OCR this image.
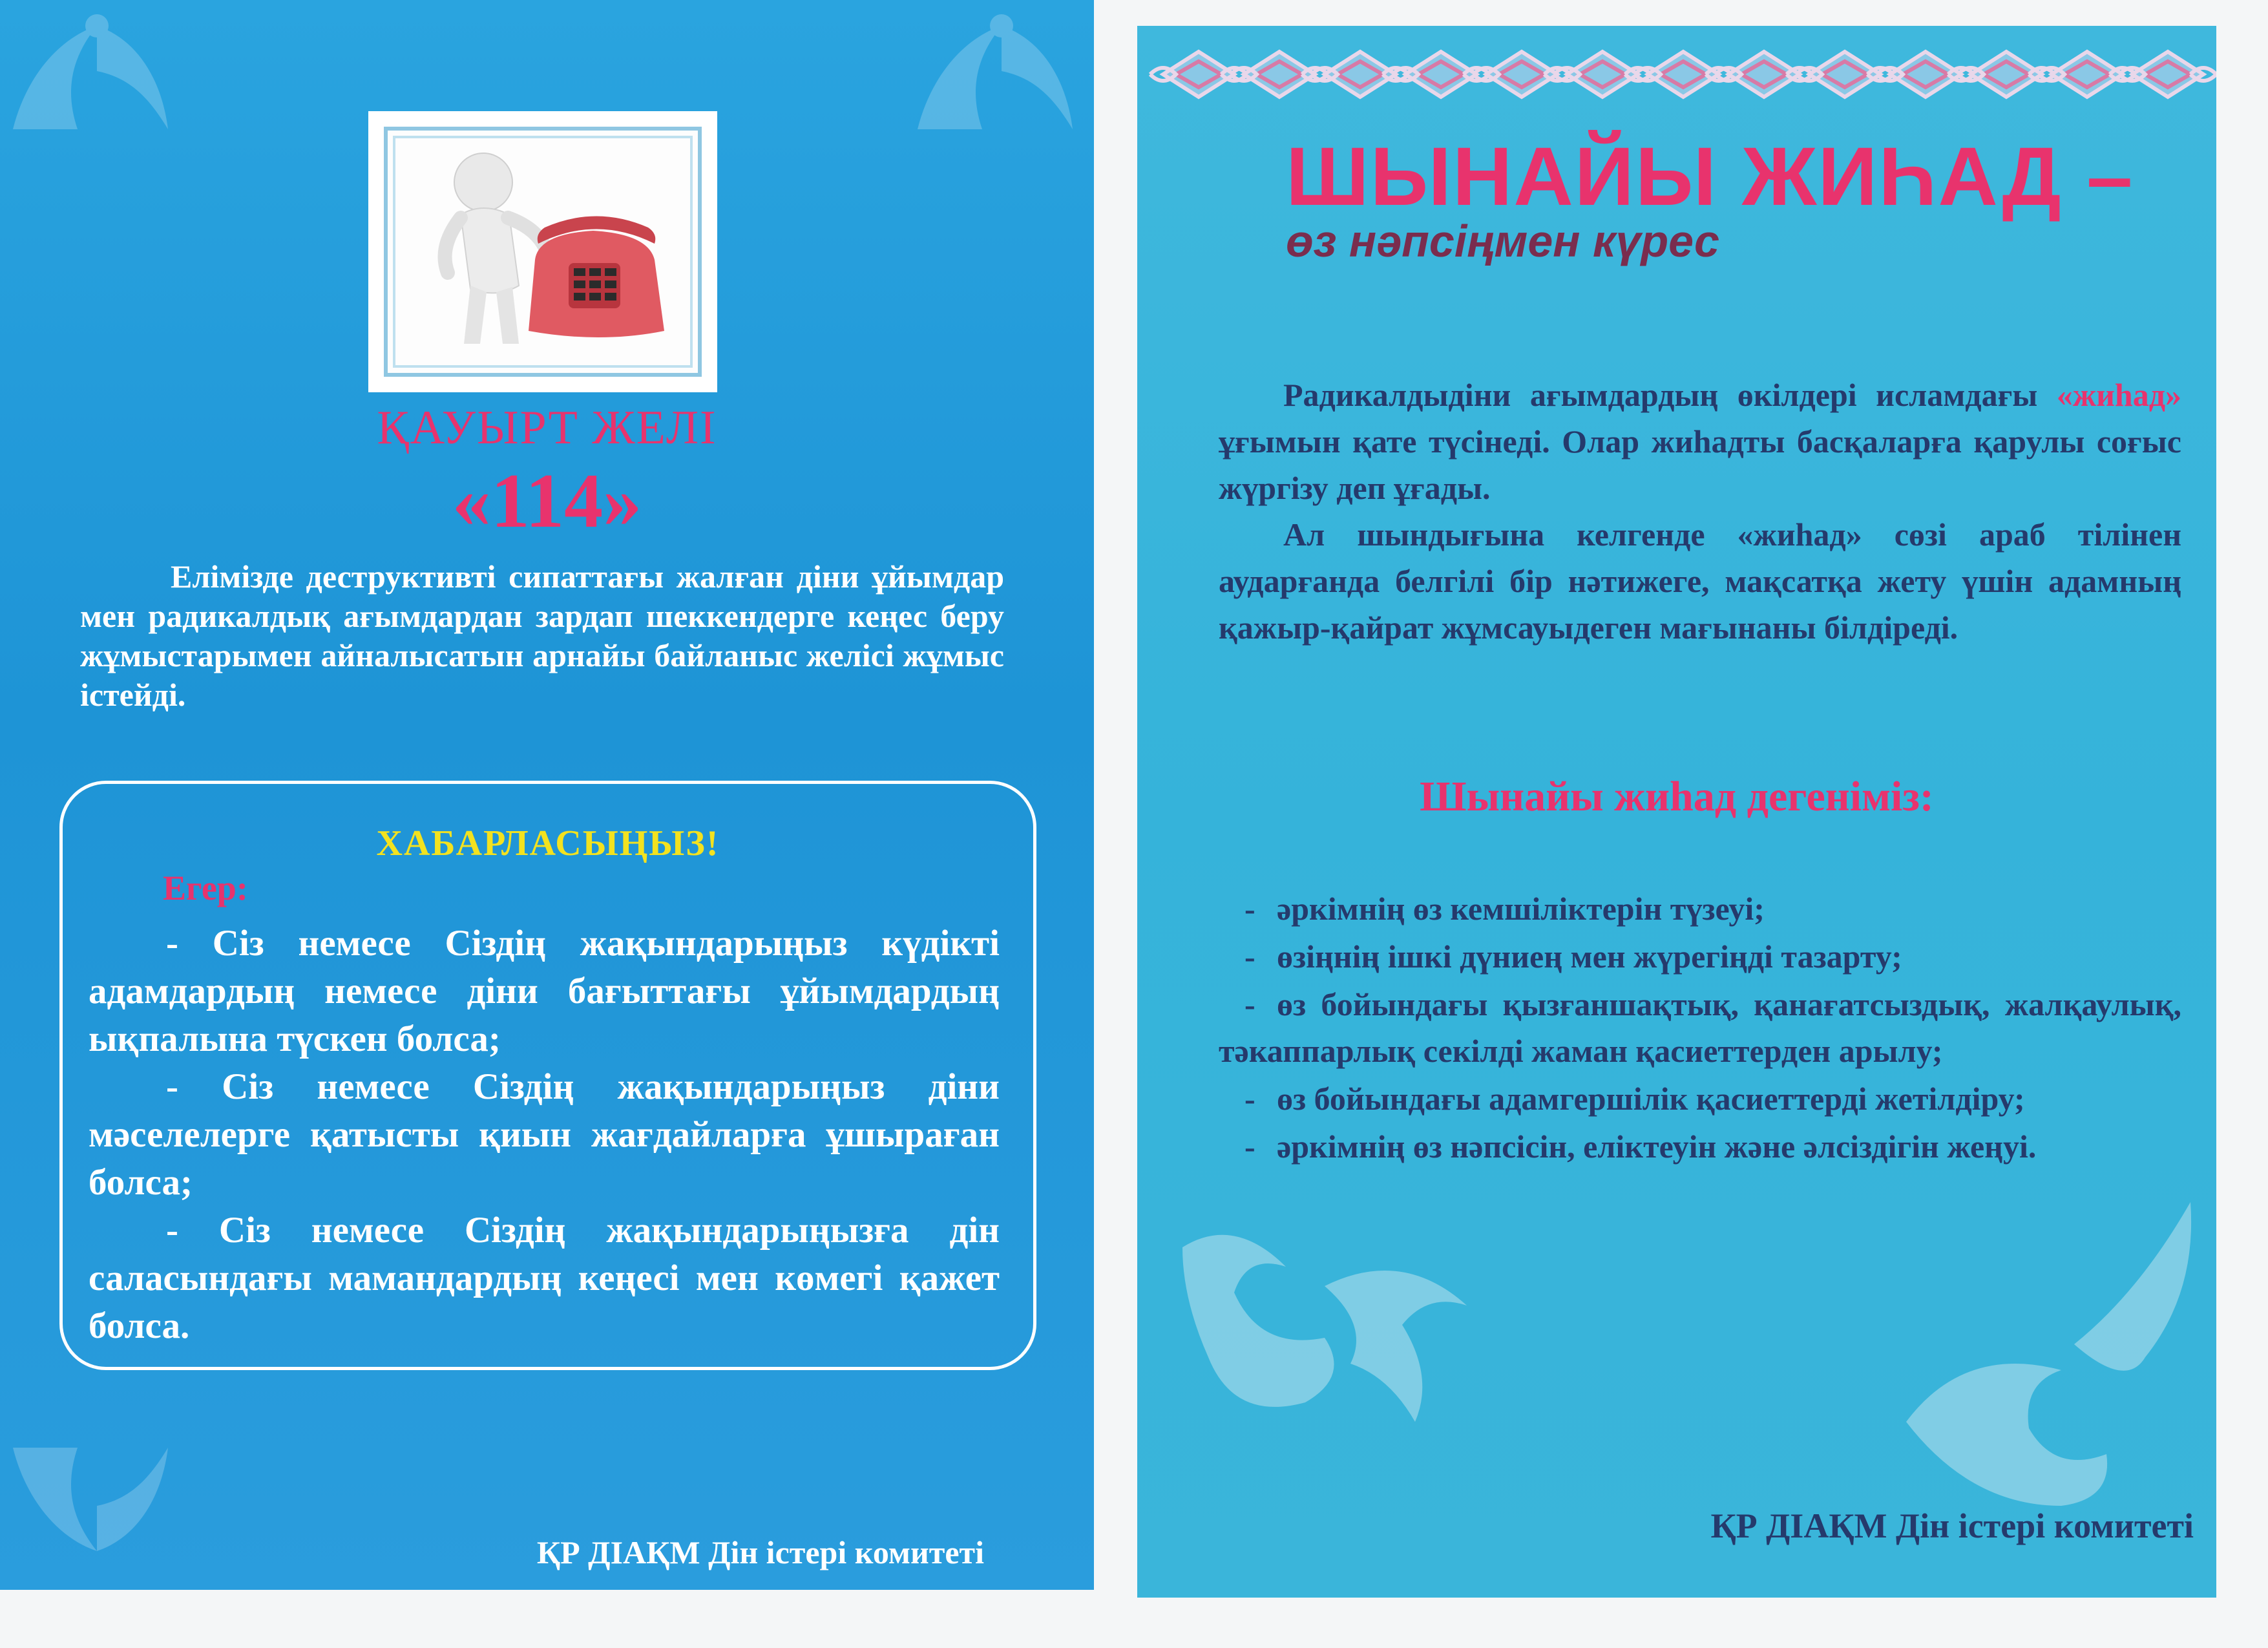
ҚАУЫРТ ЖЕЛІ
«114»
Елімізде деструктивті сипаттағы жалған діни ұйымдар мен радикалдық ағымдардан зардап шеккендерге кеңес беру жұмыстарымен айналысатын арнайы байланыс желісі жұмыс істейді.
ХАБАРЛАСЫҢЫЗ!
Егер:

- Сіз немесе Сіздің жақындарыңыз күдікті адамдардың немесе діни бағыттағы ұйымдардың ықпалына түскен болса;

- Сіз немесе Сіздің жақындарыңыз діни мәселелерге қатысты қиын жағдайларға ұшыраған болса;

- Сіз немесе Сіздің жақындарыңызға дін саласындағы мамандардың кеңесі мен көмегі қажет болса.

ҚР ДІАҚМ Дін істері комитеті
ШЫНАЙЫ ЖИҺАД –
өз нәпсіңмен күрес

Радикалдыдіни ағымдардың өкілдері исламдағы «жиһад» ұғымын қате түсінеді. Олар жиһадты басқаларға қарулы соғыс жүргізу деп ұғады.

Ал шындығына келгенде «жиһад» сөзі араб тілінен аударғанда белгілі бір нәтижеге, мақсатқа жету үшін адамның қажыр-қайрат жұмсауыдеген мағынаны білдіреді.

Шынайы жиһад дегеніміз:

- әркімнің өз кемшіліктерін түзеуі;

- өзіңнің ішкі дүниең мен жүрегіңді тазарту;

- өз бойындағы қызғаншақтық, қанағатсыздық, жалқаулық, тәкаппарлық секілді жаман қасиеттерден арылу;

- өз бойындағы адамгершілік қасиеттерді жетілдіру;

- әркімнің өз нәпсісін, еліктеуін және әлсіздігін жеңуі.

ҚР ДІАҚМ Дін істері комитеті
